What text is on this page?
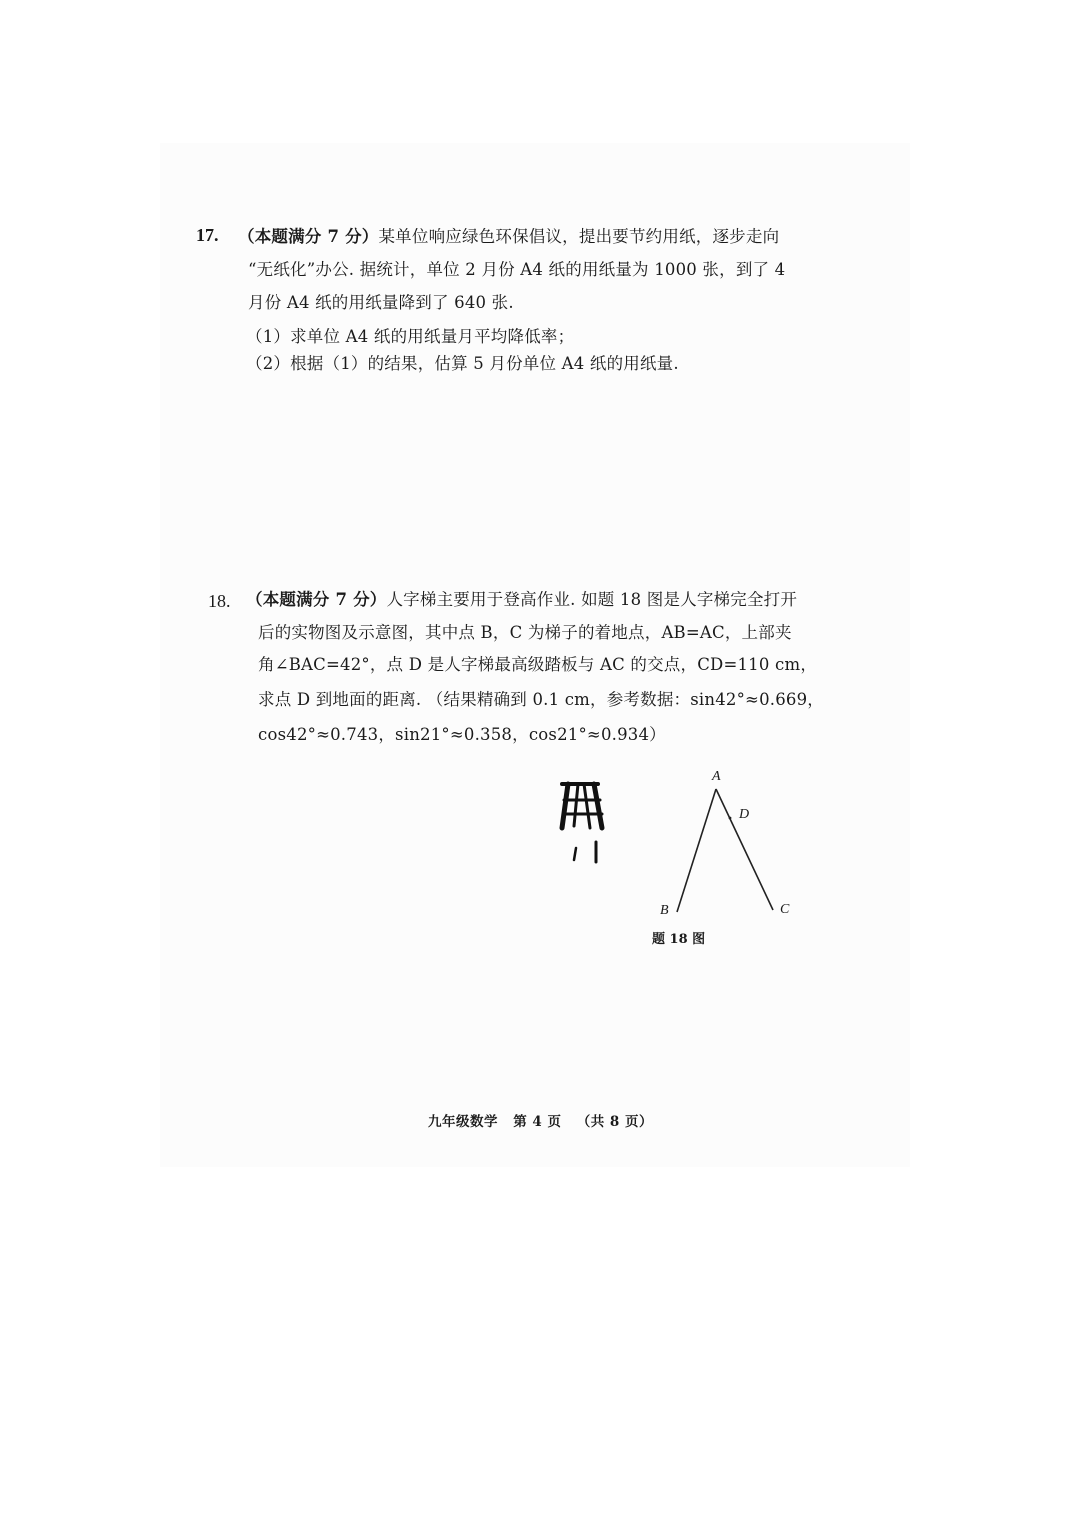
17. （本题满分 7 分）某单位响应绿色环保倡议，提出要节约用纸，逐步走向
“无纸化”办公. 据统计，单位 2 月份 A4 纸的用纸量为 1000 张，到了 4
月份 A4 纸的用纸量降到了 640 张.
（1）求单位 A4 纸的用纸量月平均降低率；
（2）根据（1）的结果，估算 5 月份单位 A4 纸的用纸量.
18. （本题满分 7 分）人字梯主要用于登高作业. 如题 18 图是人字梯完全打开
后的实物图及示意图，其中点 B，C 为梯子的着地点，AB=AC，上部夹
角∠BAC=42°，点 D 是人字梯最高级踏板与 AC 的交点，CD=110 cm，
求点 D 到地面的距离. （结果精确到 0.1 cm，参考数据：sin42°≈0.669，
cos42°≈0.743，sin21°≈0.358，cos21°≈0.934）
A
D
B	C
题 18 图
九年级数学 第 4 页 （共 8 页）
